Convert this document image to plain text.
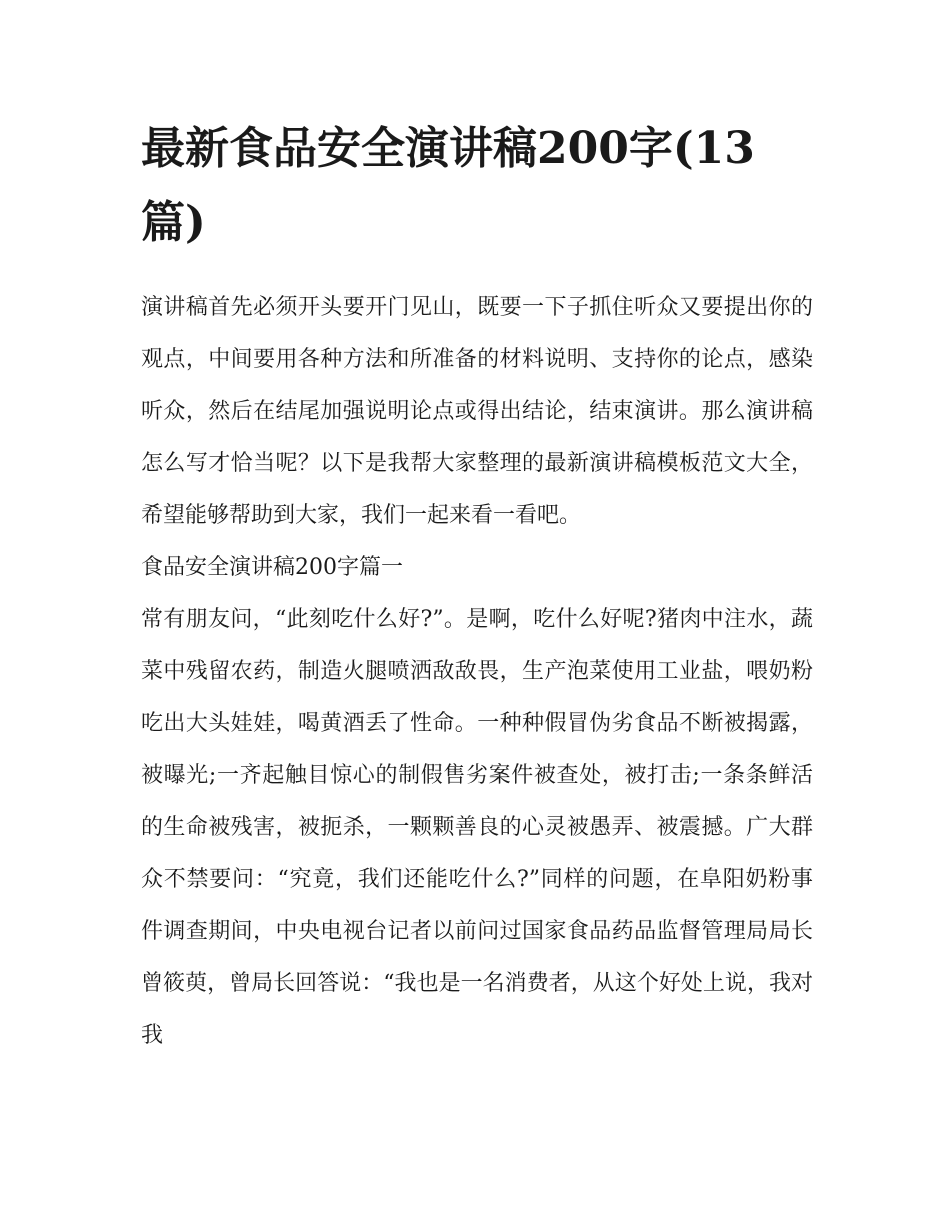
最新食品安全演讲稿200字(13篇)

演讲稿首先必须开头要开门见山，既要一下子抓住听众又要提出你的观点，中间要用各种方法和所准备的材料说明、支持你的论点，感染听众，然后在结尾加强说明论点或得出结论，结束演讲。那么演讲稿怎么写才恰当呢？以下是我帮大家整理的最新演讲稿模板范文大全，希望能够帮助到大家，我们一起来看一看吧。

食品安全演讲稿200字篇一

常有朋友问，“此刻吃什么好?”。是啊，吃什么好呢?猪肉中注水，蔬菜中残留农药，制造火腿喷洒敌敌畏，生产泡菜使用工业盐，喂奶粉吃出大头娃娃，喝黄酒丢了性命。一种种假冒伪劣食品不断被揭露，被曝光;一齐起触目惊心的制假售劣案件被查处，被打击;一条条鲜活的生命被残害，被扼杀，一颗颗善良的心灵被愚弄、被震撼。广大群众不禁要问：“究竟，我们还能吃什么?”同样的问题，在阜阳奶粉事件调查期间，中央电视台记者以前问过国家食品药品监督管理局局长曾筱萸，曾局长回答说：“我也是一名消费者，从这个好处上说，我对我
